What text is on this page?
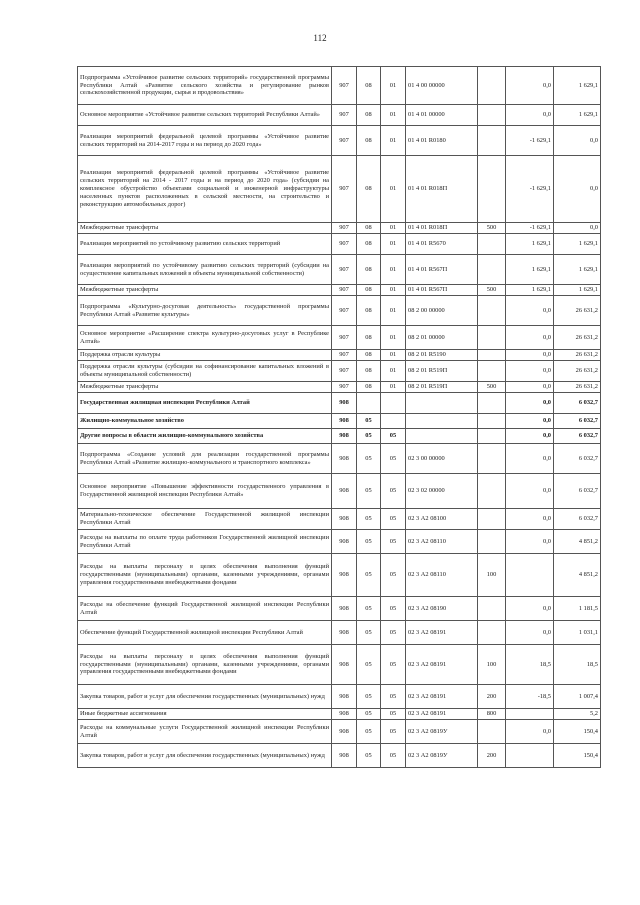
112
Подпрограмма «Устойчивое развитие сельских территорий» государственной программы Республики Алтай «Развитие сельского хозяйства и регулирование рынков сельскохозяйственной продукции, сырья и продовольствия»	907	08	01	01 4 00 00000		0,0	1 629,1
Основное мероприятие «Устойчивое развитие сельских территорий Республики Алтай»	907	08	01	01 4 01 00000		0,0	1 629,1
Реализация мероприятий федеральной целевой программы «Устойчивое развитие сельских территорий на 2014-2017 годы и на период до 2020 года»	907	08	01	01 4 01 R0180		-1 629,1	0,0
Реализация мероприятий федеральной целевой программы «Устойчивое развитие сельских территорий на 2014 - 2017 годы и на период до 2020 года» (субсидии на комплексное обустройство объектами социальной и инженерной инфраструктуры населенных пунктов расположенных в сельской местности, на строительство и реконструкцию автомобильных дорог)	907	08	01	01 4 01 R018П		-1 629,1	0,0
Межбюджетные трансферты	907	08	01	01 4 01 R018П	500	-1 629,1	0,0
Реализация мероприятий по устойчивому развитию сельских территорий	907	08	01	01 4 01 R5670		1 629,1	1 629,1
Реализация мероприятий по устойчивому развитию сельских территорий (субсидии на осуществление капитальных вложений в объекты муниципальной собственности)	907	08	01	01 4 01 R567П		1 629,1	1 629,1
Межбюджетные трансферты	907	08	01	01 4 01 R567П	500	1 629,1	1 629,1
Подпрограмма «Культурно-досуговая деятельность» государственной программы Республики Алтай «Развитие культуры»	907	08	01	08 2 00 00000		0,0	26 631,2
Основное мероприятие «Расширение спектра культурно-досуговых услуг в Республике Алтай»	907	08	01	08 2 01 00000		0,0	26 631,2
Поддержка отрасли культуры	907	08	01	08 2 01 R5190		0,0	26 631,2
Поддержка отрасли культуры (субсидии на софинансирование капитальных вложений в объекты муниципальной собственности)	907	08	01	08 2 01 R519П		0,0	26 631,2
Межбюджетные трансферты	907	08	01	08 2 01 R519П	500	0,0	26 631,2
Государственная жилищная инспекция Республики Алтай	908					0,0	6 032,7
Жилищно-коммунальное хозяйство	908	05				0,0	6 032,7
Другие вопросы в области жилищно-коммунального хозяйства	908	05	05			0,0	6 032,7
Подпрограмма «Создание условий для реализации государственной программы Республики Алтай «Развитие жилищно-коммунального и транспортного комплекса»	908	05	05	02 3 00 00000		0,0	6 032,7
Основное мероприятие «Повышение эффективности государственного управления в Государственной жилищной инспекции Республики Алтай»	908	05	05	02 3 02 00000		0,0	6 032,7
Материально-техническое обеспечение Государственной жилищной инспекции Республики Алтай	908	05	05	02 3 А2 08100		0,0	6 032,7
Расходы на выплаты по оплате труда работников Государственной жилищной инспекции Республики Алтай	908	05	05	02 3 А2 08110		0,0	4 851,2
Расходы на выплаты персоналу в целях обеспечения выполнения функций государственными (муниципальными) органами, казенными учреждениями, органами управления государственными внебюджетными фондами	908	05	05	02 3 А2 08110	100		4 851,2
Расходы на обеспечение функций Государственной жилищной инспекции Республики Алтай	908	05	05	02 3 А2 08190		0,0	1 181,5
Обеспечение функций Государственной жилищной инспекции Республики Алтай	908	05	05	02 3 А2 08191		0,0	1 031,1
Расходы на выплаты персоналу в целях обеспечения выполнения функций государственными (муниципальными) органами, казенными учреждениями, органами управления государственными внебюджетными фондами	908	05	05	02 3 А2 08191	100	18,5	18,5
Закупка товаров, работ и услуг для обеспечения государственных (муниципальных) нужд	908	05	05	02 3 А2 08191	200	-18,5	1 007,4
Иные бюджетные ассигнования	908	05	05	02 3 А2 08191	800		5,2
Расходы на коммунальные услуги Государственной жилищной инспекции Республики Алтай	908	05	05	02 3 А2 0819У		0,0	150,4
Закупка товаров, работ и услуг для обеспечения государственных (муниципальных) нужд	908	05	05	02 3 А2 0819У	200		150,4
